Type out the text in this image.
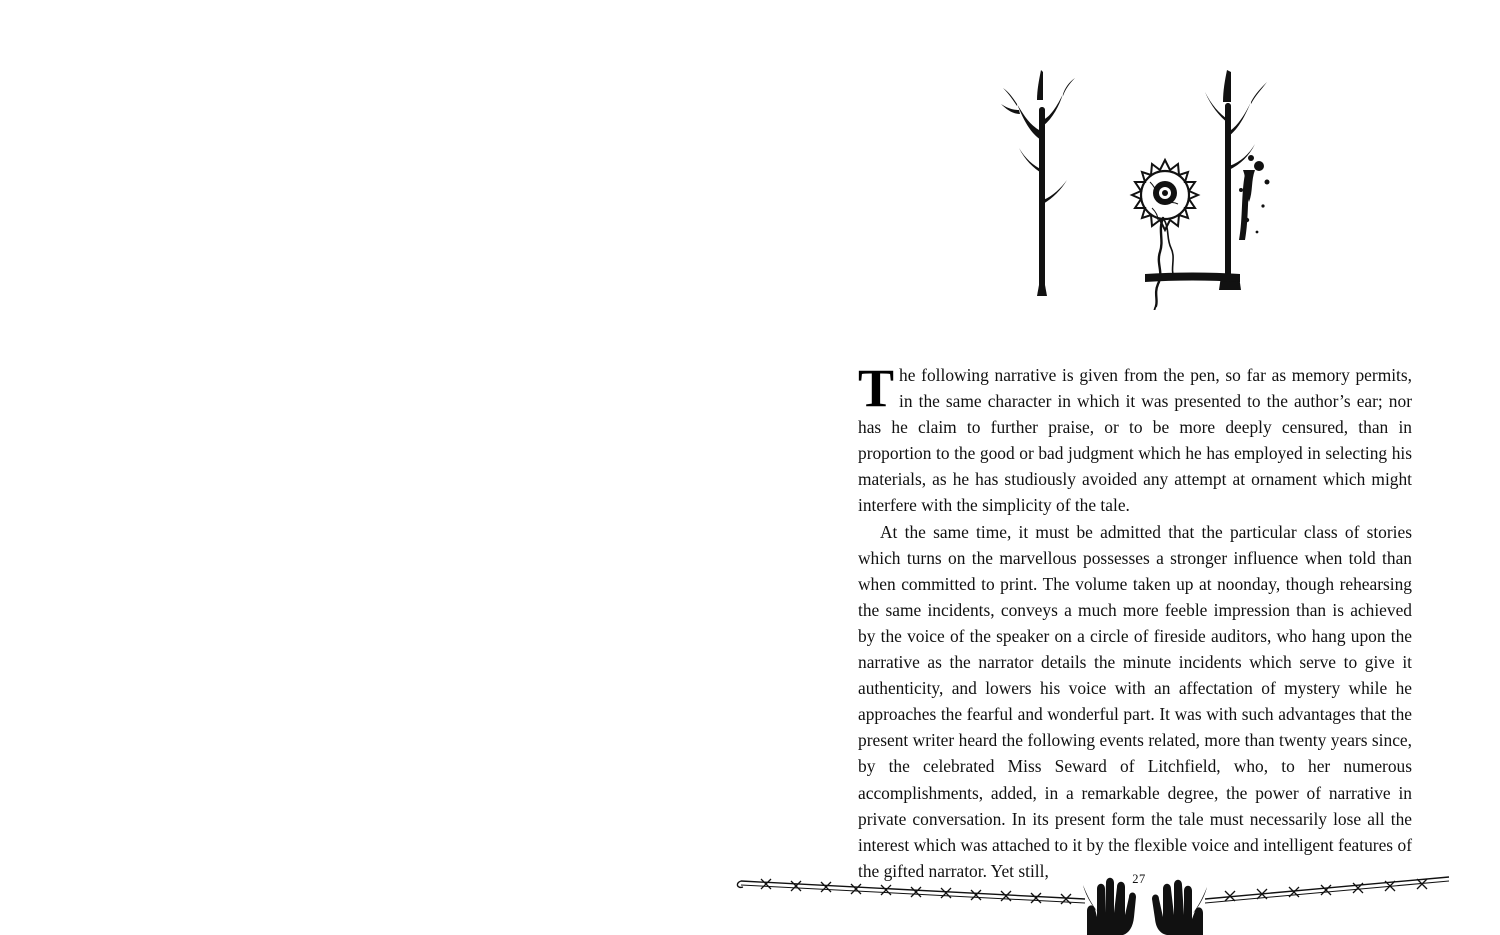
The following narrative is given from the pen, so far as memory permits, in the same character in which it was presented to the author’s ear; nor has he claim to further praise, or to be more deeply censured, than in proportion to the good or bad judgment which he has employed in selecting his materials, as he has studiously avoided any attempt at ornament which might interfere with the simplicity of the tale.

At the same time, it must be admitted that the particular class of stories which turns on the marvellous possesses a stronger influence when told than when committed to print. The volume taken up at noonday, though rehearsing the same incidents, conveys a much more feeble impression than is achieved by the voice of the speaker on a circle of fireside auditors, who hang upon the narrative as the narrator details the minute incidents which serve to give it authenticity, and lowers his voice with an affectation of mystery while he approaches the fearful and wonderful part. It was with such advantages that the present writer heard the following events related, more than twenty years since, by the celebrated Miss Seward of Litchfield, who, to her numerous accomplishments, added, in a remarkable degree, the power of narrative in private conversation. In its present form the tale must necessarily lose all the interest which was attached to it by the flexible voice and intelligent features of the gifted narrator. Yet still,	27
